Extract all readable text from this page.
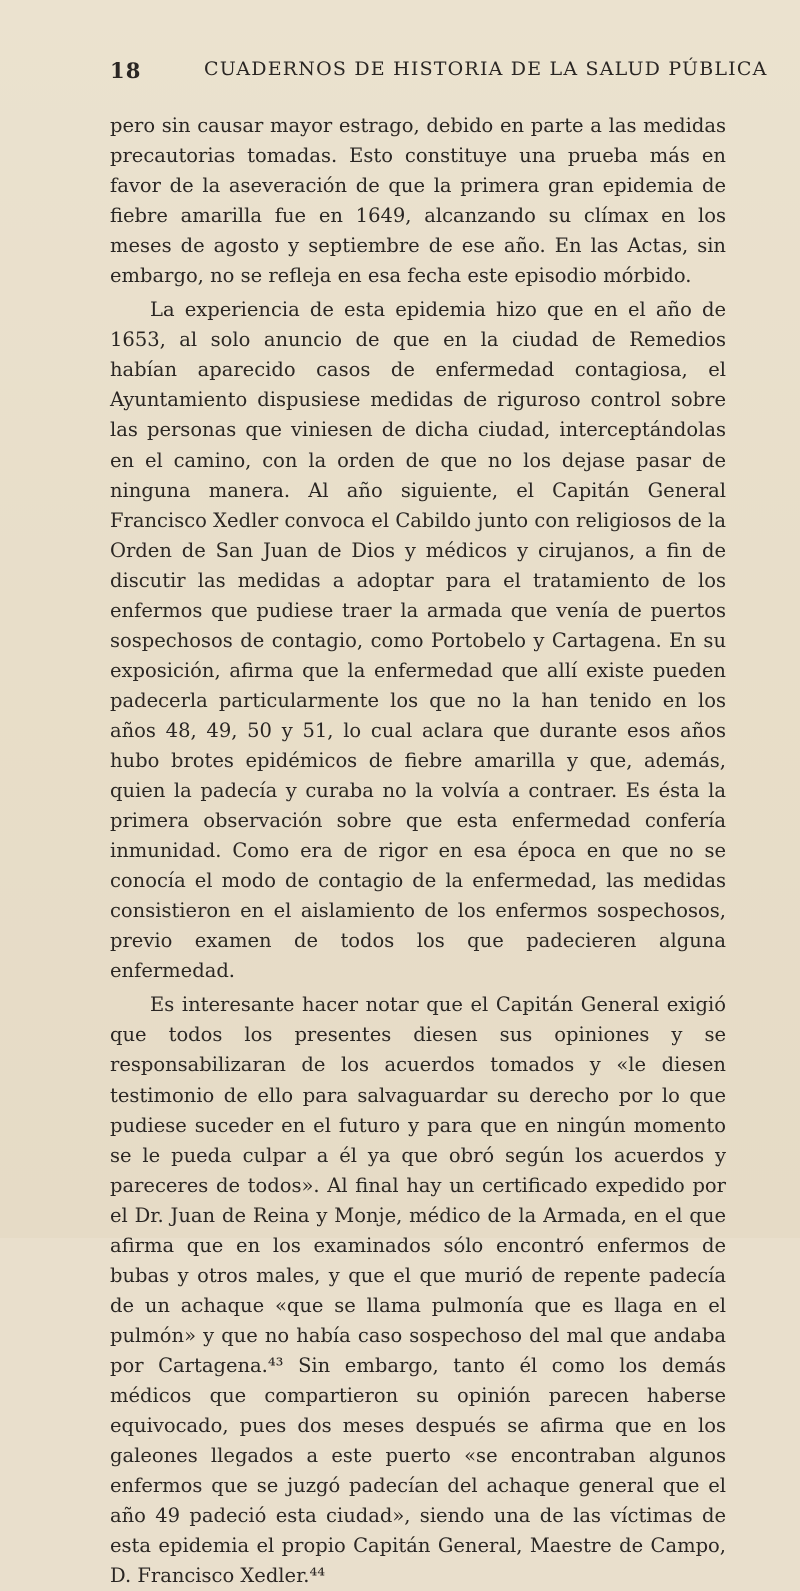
18	CUADERNOS DE HISTORIA DE LA SALUD PÚBLICA

pero sin causar mayor estrago, debido en parte a las medidas precautorias tomadas. Esto constituye una prueba más en favor de la aseveración de que la primera gran epidemia de fiebre amarilla fue en 1649, alcanzando su clímax en los meses de agosto y septiembre de ese año. En las Actas, sin embargo, no se refleja en esa fecha este episodio mórbido.

La experiencia de esta epidemia hizo que en el año de 1653, al solo anuncio de que en la ciudad de Remedios habían aparecido casos de enfermedad contagiosa, el Ayuntamiento dispusiese medidas de riguroso control sobre las personas que viniesen de dicha ciudad, interceptándolas en el camino, con la orden de que no los dejase pasar de ninguna manera. Al año siguiente, el Capitán General Francisco Xedler convoca el Cabildo junto con religiosos de la Orden de San Juan de Dios y médicos y cirujanos, a fin de discutir las medidas a adoptar para el tratamiento de los enfermos que pudiese traer la armada que venía de puertos sospechosos de contagio, como Portobelo y Cartagena. En su exposición, afirma que la enfermedad que allí existe pueden padecerla particularmente los que no la han tenido en los años 48, 49, 50 y 51, lo cual aclara que durante esos años hubo brotes epidémicos de fiebre amarilla y que, además, quien la padecía y curaba no la volvía a contraer. Es ésta la primera observación sobre que esta enfermedad confería inmunidad. Como era de rigor en esa época en que no se conocía el modo de contagio de la enfermedad, las medidas consistieron en el aislamiento de los enfermos sospechosos, previo examen de todos los que padecieren alguna enfermedad.

Es interesante hacer notar que el Capitán General exigió que todos los presentes diesen sus opiniones y se responsabilizaran de los acuerdos tomados y «le diesen testimonio de ello para salvaguardar su derecho por lo que pudiese suceder en el futuro y para que en ningún momento se le pueda culpar a él ya que obró según los acuerdos y pareceres de todos». Al final hay un certificado expedido por el Dr. Juan de Reina y Monje, médico de la Armada, en el que afirma que en los examinados sólo encontró enfermos de bubas y otros males, y que el que murió de repente padecía de un achaque «que se llama pulmonía que es llaga en el pulmón» y que no había caso sospechoso del mal que andaba por Cartagena.⁴³ Sin embargo, tanto él como los demás médicos que compartieron su opinión parecen haberse equivocado, pues dos meses después se afirma que en los galeones llegados a este puerto «se encontraban algunos enfermos que se juzgó padecían del achaque general que el año 49 padeció esta ciudad», siendo una de las víctimas de esta epidemia el propio Capitán General, Maestre de Campo, D. Francisco Xedler.⁴⁴
